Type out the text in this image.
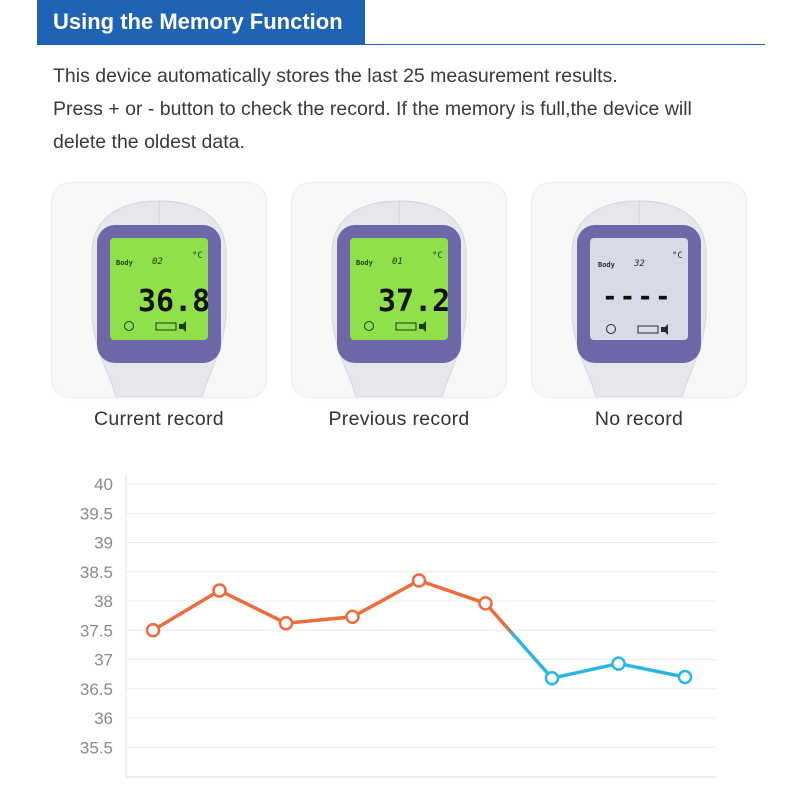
Using the Memory Function

This device automatically stores the last 25 measurement results.

Press + or - button to check the record. If the memory is full,the device will

delete the oldest data.

Body 02
°C
36.8
Current record
Body 01
°C
37.2
Previous record
Body 32
°C
----
No record
40
39.5
39
38.5
38
37.5
37
36.5
36
35.5
